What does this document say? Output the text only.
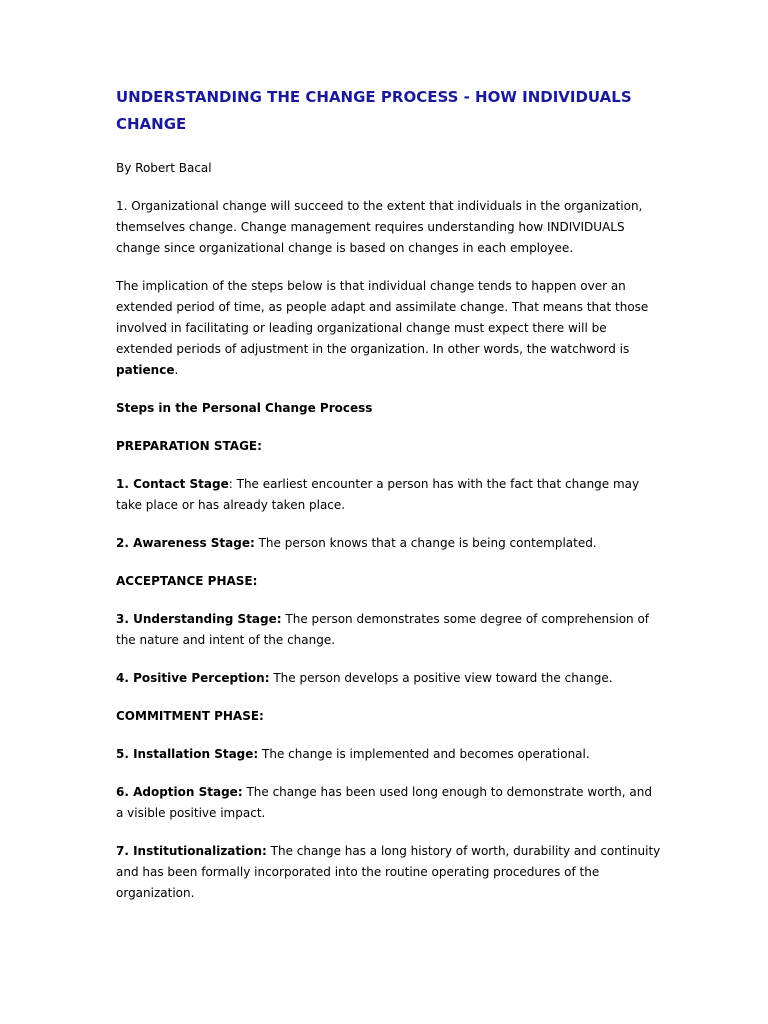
UNDERSTANDING THE CHANGE PROCESS - HOW INDIVIDUALS CHANGE

By Robert Bacal

1. Organizational change will succeed to the extent that individuals in the organization, themselves change. Change management requires understanding how INDIVIDUALS change since organizational change is based on changes in each employee.

The implication of the steps below is that individual change tends to happen over an extended period of time, as people adapt and assimilate change. That means that those involved in facilitating or leading organizational change must expect there will be extended periods of adjustment in the organization. In other words, the watchword is patience.

Steps in the Personal Change Process

PREPARATION STAGE:

1. Contact Stage: The earliest encounter a person has with the fact that change may take place or has already taken place.

2. Awareness Stage: The person knows that a change is being contemplated.

ACCEPTANCE PHASE:

3. Understanding Stage: The person demonstrates some degree of comprehension of the nature and intent of the change.

4. Positive Perception: The person develops a positive view toward the change.

COMMITMENT PHASE:

5. Installation Stage: The change is implemented and becomes operational.

6. Adoption Stage: The change has been used long enough to demonstrate worth, and a visible positive impact.

7. Institutionalization: The change has a long history of worth, durability and continuity and has been formally incorporated into the routine operating procedures of the organization.
